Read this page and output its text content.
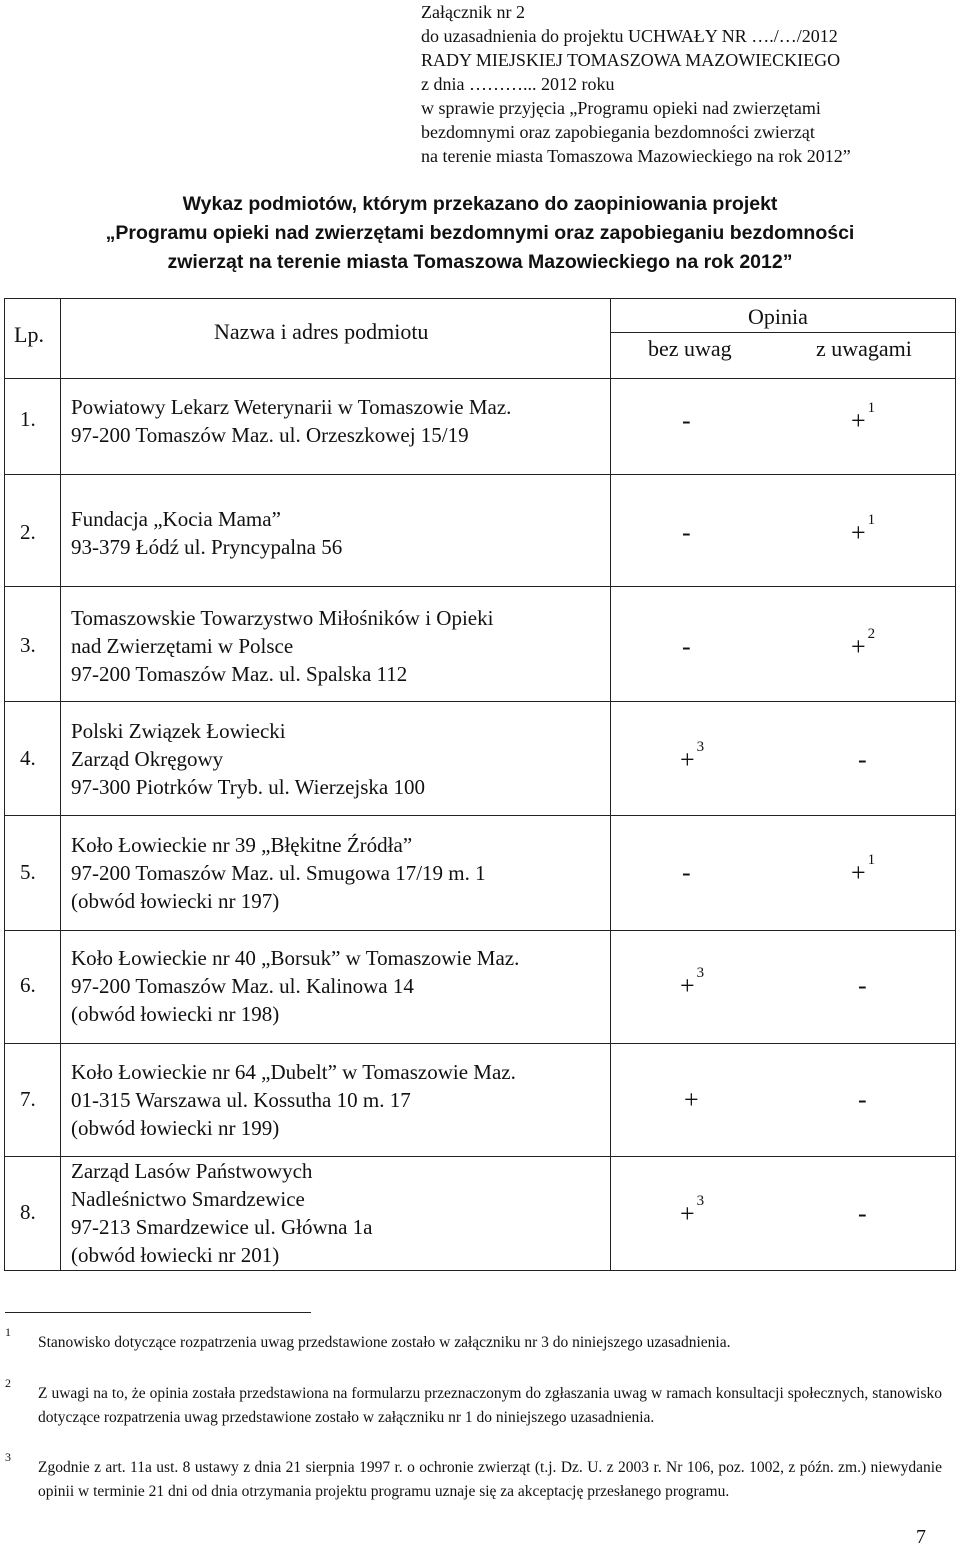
Załącznik nr 2
do uzasadnienia do projektu UCHWAŁY NR …./…/2012
RADY MIEJSKIEJ TOMASZOWA MAZOWIECKIEGO
z dnia ………... 2012 roku
w sprawie przyjęcia „Programu opieki nad zwierzętami
bezdomnymi oraz zapobiegania bezdomności zwierząt
na terenie miasta Tomaszowa Mazowieckiego na rok 2012”
Wykaz podmiotów, którym przekazano do zaopiniowania projekt
„Programu opieki nad zwierzętami bezdomnymi oraz zapobieganiu bezdomności
zwierząt na terenie miasta Tomaszowa Mazowieckiego na rok 2012”
Lp.	Nazwa i adres podmiotu
Opinia
bez uwag	z uwagami
1. Powiatowy Lekarz Weterynarii w Tomaszowie Maz.
97-200 Tomaszów Maz. ul. Orzeszkowej 15/19	-	+ $^1$
2.
Fundacja „Kocia Mama”
93-379 Łódź ul. Pryncypalna 56	-	+ $^1$
3.
Tomaszowskie Towarzystwo Miłośników i Opieki
nad Zwierzętami w Polsce
97-200 Tomaszów Maz. ul. Spalska 112
-	+ $^2$
4.
Polski Związek Łowiecki
Zarząd Okręgowy
97-300 Piotrków Tryb. ul. Wierzejska 100
+ $^3$	-
5.
Koło Łowieckie nr 39 „Błękitne Źródła”
97-200 Tomaszów Maz. ul. Smugowa 17/19 m. 1
(obwód łowiecki nr 197)
-	+ $^1$
6.
Koło Łowieckie nr 40 „Borsuk” w Tomaszowie Maz.
97-200 Tomaszów Maz. ul. Kalinowa 14
(obwód łowiecki nr 198)
+ $^3$	-
7.
Koło Łowieckie nr 64 „Dubelt” w Tomaszowie Maz.
01-315 Warszawa ul. Kossutha 10 m. 17
(obwód łowiecki nr 199)
+	-
8.
Zarząd Lasów Państwowych
Nadleśnictwo Smardzewice
97-213 Smardzewice ul. Główna 1a
(obwód łowiecki nr 201)
+ $^3$	-
1
Stanowisko dotyczące rozpatrzenia uwag przedstawione zostało w załączniku nr 3 do niniejszego uzasadnienia.
2
Z uwagi na to, że opinia została przedstawiona na formularzu przeznaczonym do zgłaszania uwag w ramach konsultacji społecznych, stanowisko dotyczące rozpatrzenia uwag przedstawione zostało w załączniku nr 1 do niniejszego uzasadnienia.
3
Zgodnie z art. 11a ust. 8 ustawy z dnia 21 sierpnia 1997 r. o ochronie zwierząt (t.j. Dz. U. z 2003 r. Nr 106, poz. 1002, z późn. zm.) niewydanie opinii w terminie 21 dni od dnia otrzymania projektu programu uznaje się za akceptację przesłanego programu.
7
